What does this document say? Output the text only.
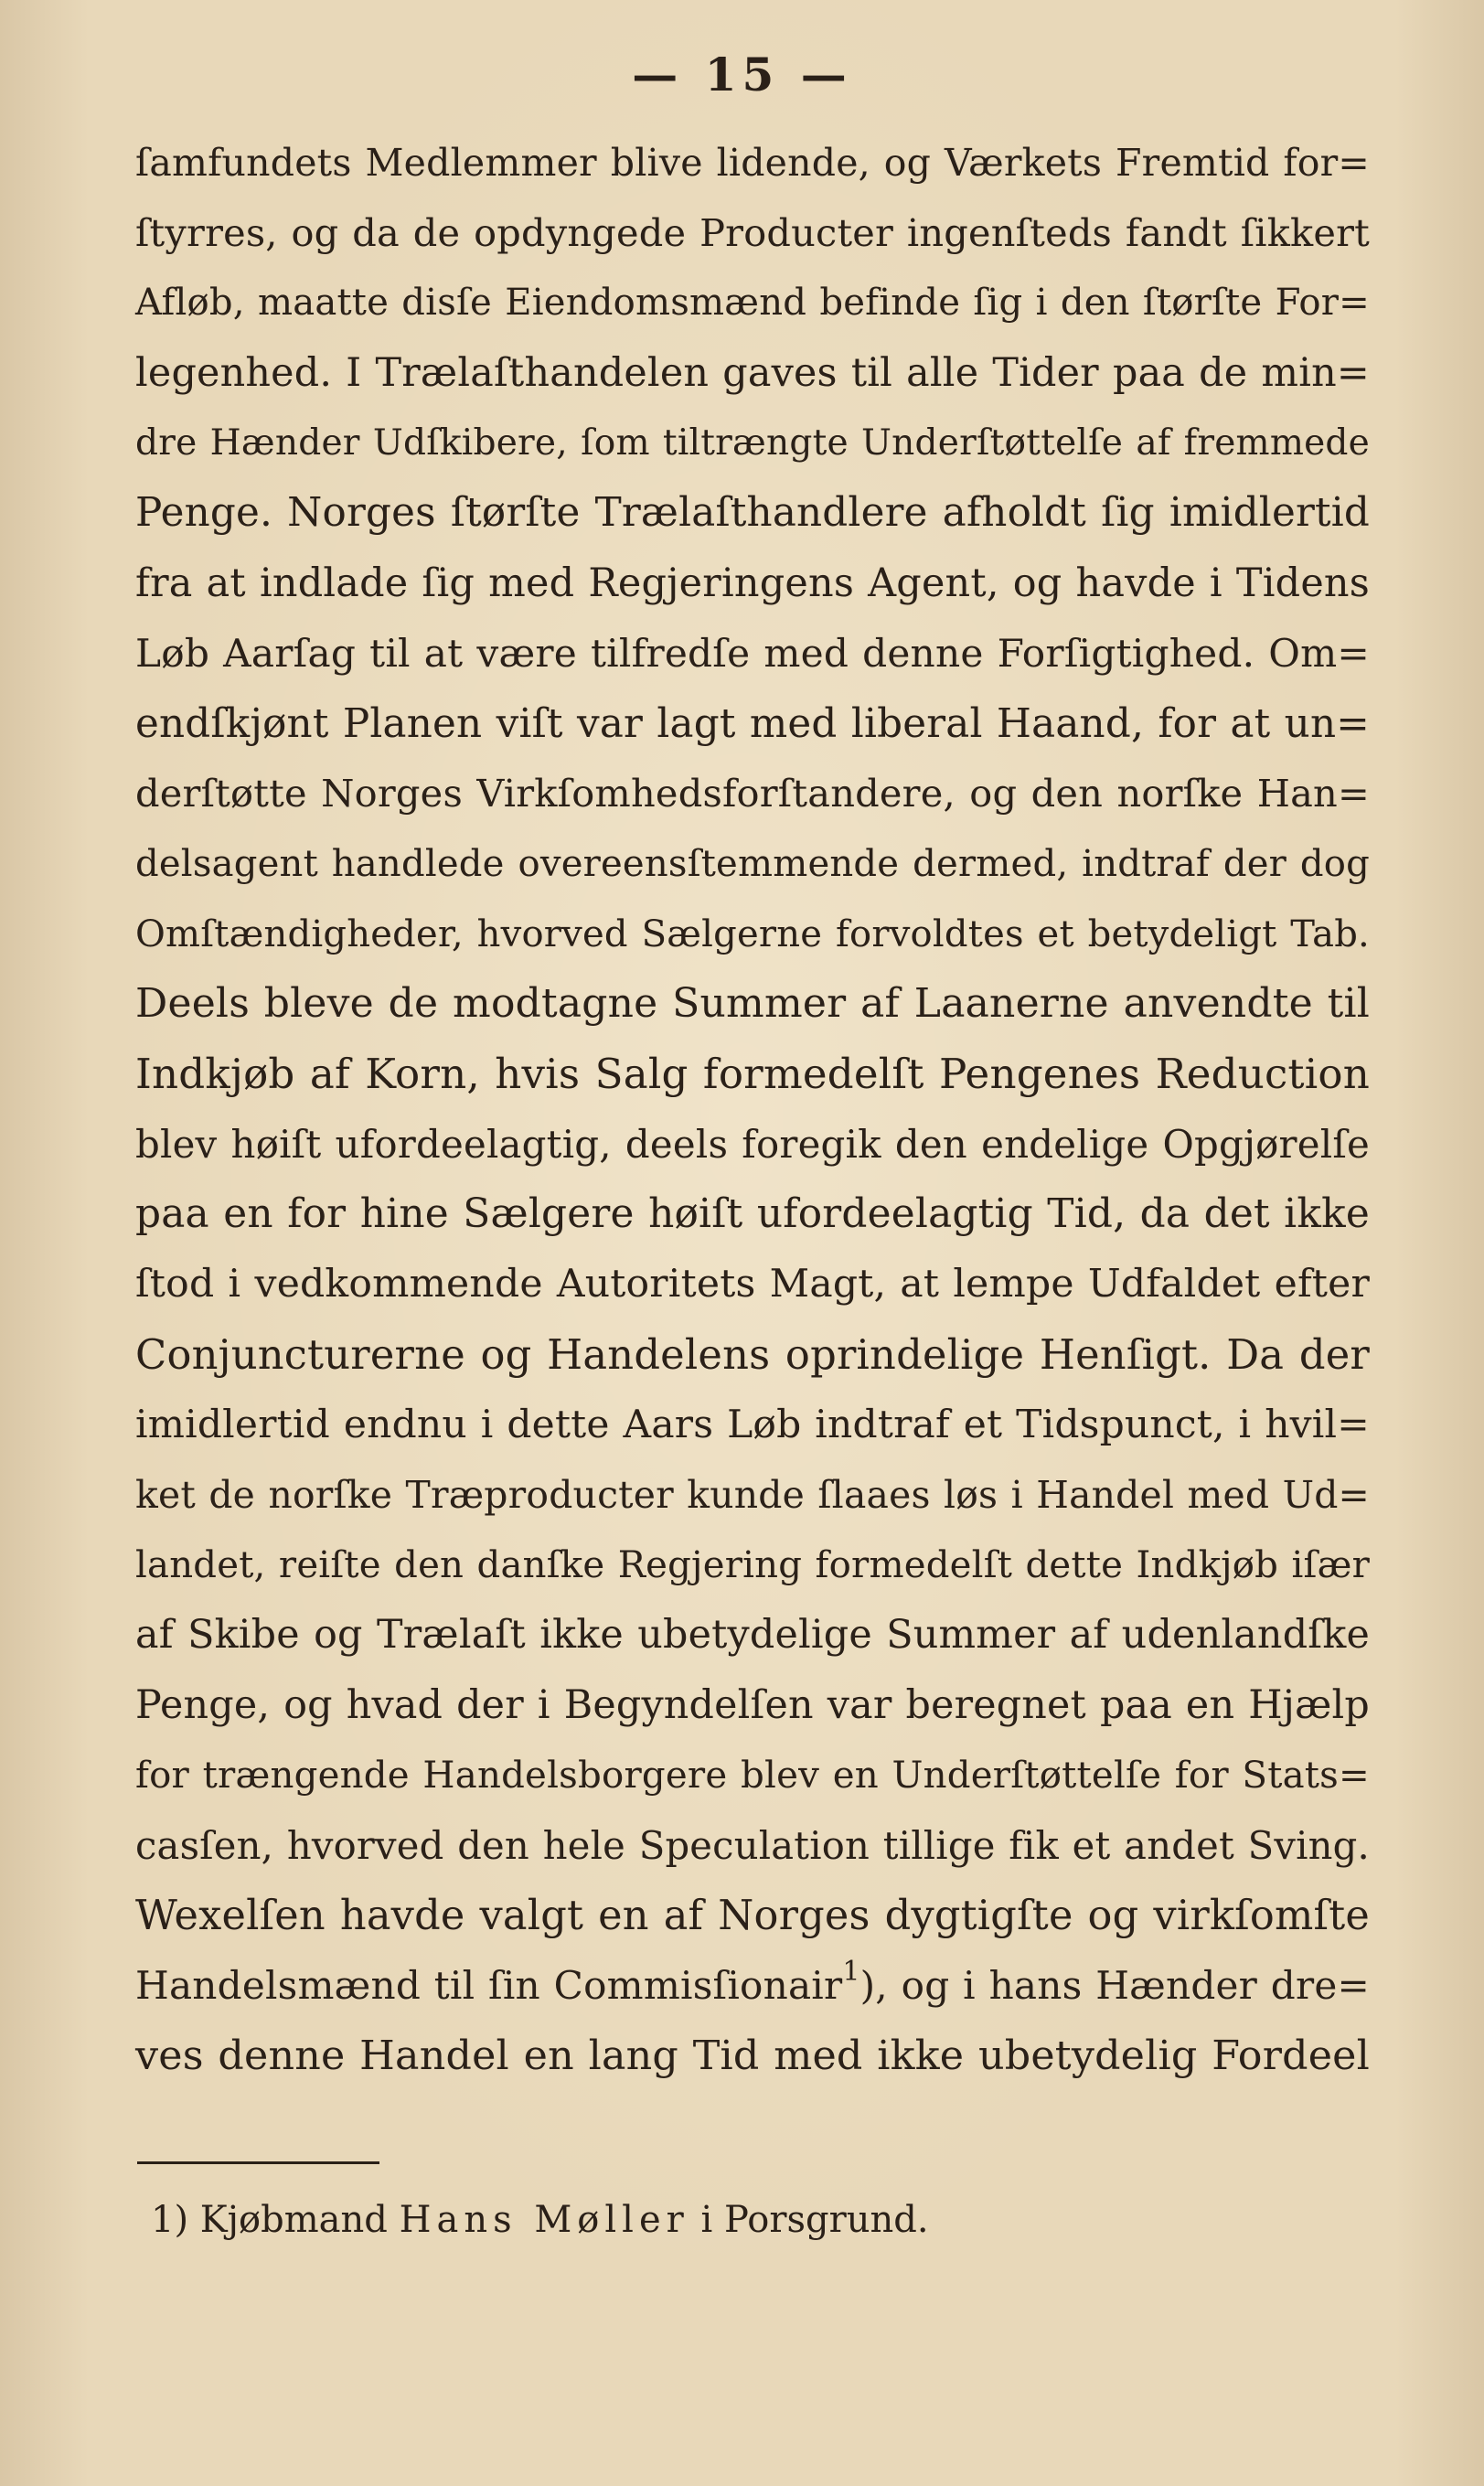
— 15 —
ſamfundets Medlemmer blive lidende, og Værkets Fremtid for=
ſtyrres, og da de opdyngede Producter ingenſteds fandt ſikkert
Afløb, maatte disſe Eiendomsmænd befinde ſig i den ſtørſte For=
legenhed. I Trælaſthandelen gaves til alle Tider paa de min=
dre Hænder Udſkibere, ſom tiltrængte Underſtøttelſe af fremmede
Penge. Norges ſtørſte Trælaſthandlere afholdt ſig imidlertid
fra at indlade ſig med Regjeringens Agent, og havde i Tidens
Løb Aarſag til at være tilfredſe med denne Forſigtighed. Om=
endſkjønt Planen viſt var lagt med liberal Haand, for at un=
derſtøtte Norges Virkſomhedsforſtandere, og den norſke Han=
delsagent handlede overeensſtemmende dermed, indtraf der dog
Omſtændigheder, hvorved Sælgerne forvoldtes et betydeligt Tab.
Deels bleve de modtagne Summer af Laanerne anvendte til
Indkjøb af Korn, hvis Salg formedelſt Pengenes Reduction
blev høiſt ufordeelagtig, deels foregik den endelige Opgjørelſe
paa en for hine Sælgere høiſt ufordeelagtig Tid, da det ikke
ſtod i vedkommende Autoritets Magt, at lempe Udfaldet efter
Conjuncturerne og Handelens oprindelige Henſigt. Da der
imidlertid endnu i dette Aars Løb indtraf et Tidspunct, i hvil=
ket de norſke Træproducter kunde ſlaaes løs i Handel med Ud=
landet, reiſte den danſke Regjering formedelſt dette Indkjøb iſær
af Skibe og Trælaſt ikke ubetydelige Summer af udenlandſke
Penge, og hvad der i Begyndelſen var beregnet paa en Hjælp
for trængende Handelsborgere blev en Underſtøttelſe for Stats=
casſen, hvorved den hele Speculation tillige fik et andet Sving.
Wexelſen havde valgt en af Norges dygtigſte og virkſomſte
Handelsmænd til ſin Commisſionair$^1$), og i hans Hænder dre=
ves denne Handel en lang Tid med ikke ubetydelig Fordeel
1) Kjøbmand Hans Møller i Porsgrund.
